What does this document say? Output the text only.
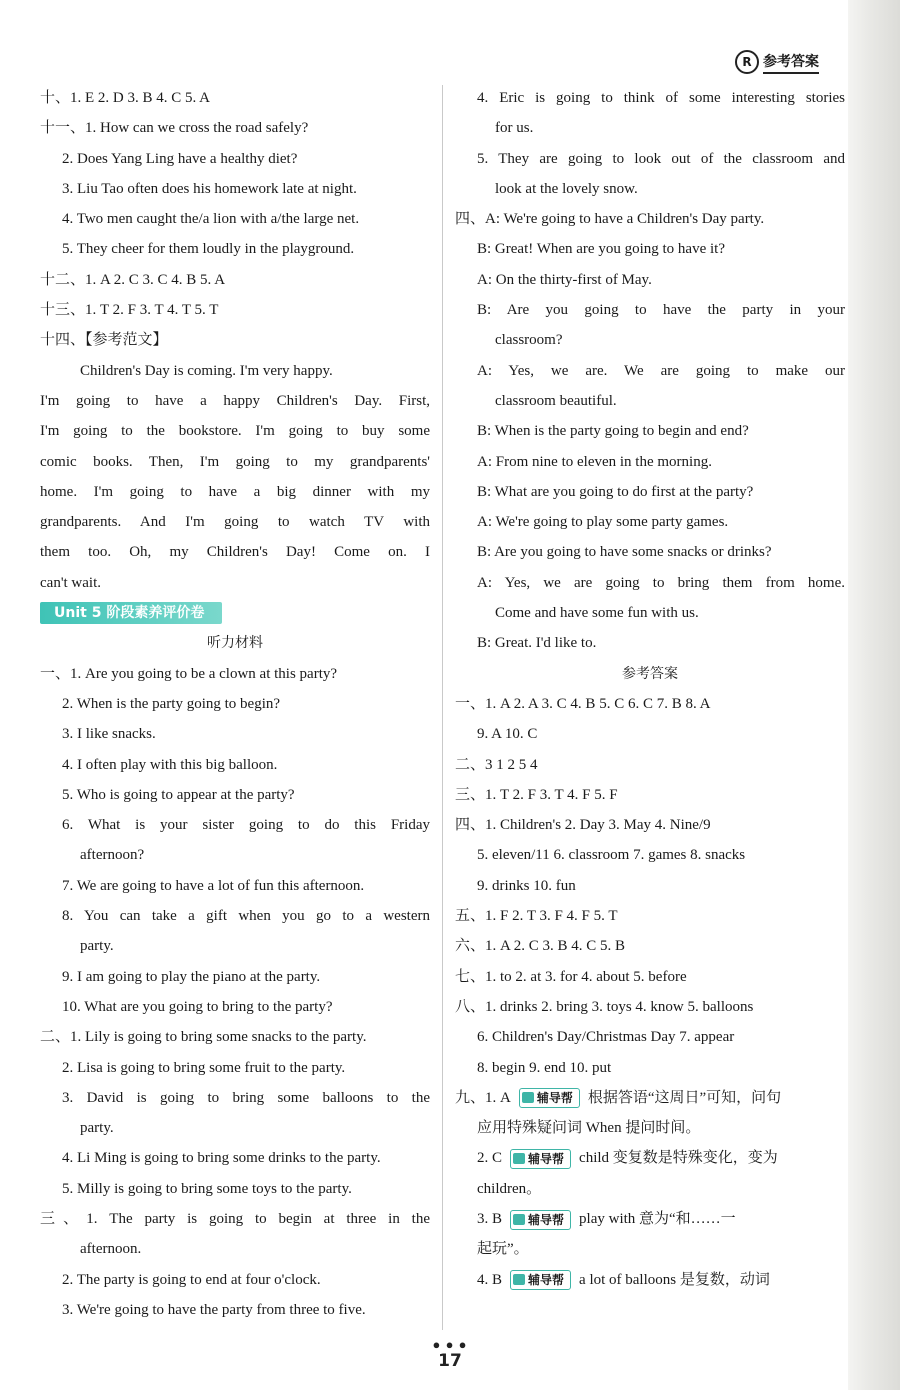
R 参考答案
十、1. E 2. D 3. B 4. C 5. A
十一、1. How can we cross the road safely?
2. Does Yang Ling have a healthy diet?
3. Liu Tao often does his homework late at night.
4. Two men caught the/a lion with a/the large net.
5. They cheer for them loudly in the playground.
十二、1. A 2. C 3. C 4. B 5. A
十三、1. T 2. F 3. T 4. T 5. T
十四、【参考范文】
Children's Day is coming. I'm very happy.
I'm going to have a happy Children's Day. First,
I'm going to the bookstore. I'm going to buy some
comic books. Then, I'm going to my grandparents'
home. I'm going to have a big dinner with my
grandparents. And I'm going to watch TV with
them too. Oh, my Children's Day! Come on. I
can't wait.
Unit 5 阶段素养评价卷
听力材料
一、1. Are you going to be a clown at this party?
2. When is the party going to begin?
3. I like snacks.
4. I often play with this big balloon.
5. Who is going to appear at the party?
6. What is your sister going to do this Friday
afternoon?
7. We are going to have a lot of fun this afternoon.
8. You can take a gift when you go to a western
party.
9. I am going to play the piano at the party.
10. What are you going to bring to the party?
二、1. Lily is going to bring some snacks to the party.
2. Lisa is going to bring some fruit to the party.
3. David is going to bring some balloons to the
party.
4. Li Ming is going to bring some drinks to the party.
5. Milly is going to bring some toys to the party.
三、1. The party is going to begin at three in the
afternoon.
2. The party is going to end at four o'clock.
3. We're going to have the party from three to five.
4. Eric is going to think of some interesting stories
for us.
5. They are going to look out of the classroom and
look at the lovely snow.
四、A: We're going to have a Children's Day party.
B: Great! When are you going to have it?
A: On the thirty-first of May.
B: Are you going to have the party in your
classroom?
A: Yes, we are. We are going to make our
classroom beautiful.
B: When is the party going to begin and end?
A: From nine to eleven in the morning.
B: What are you going to do first at the party?
A: We're going to play some party games.
B: Are you going to have some snacks or drinks?
A: Yes, we are going to bring them from home.
Come and have some fun with us.
B: Great. I'd like to.
参考答案
一、1. A 2. A 3. C 4. B 5. C 6. C 7. B 8. A
9. A 10. C
二、3 1 2 5 4
三、1. T 2. F 3. T 4. F 5. F
四、1. Children's 2. Day 3. May 4. Nine/9
5. eleven/11 6. classroom 7. games 8. snacks
9. drinks 10. fun
五、1. F 2. T 3. F 4. F 5. T
六、1. A 2. C 3. B 4. C 5. B
七、1. to 2. at 3. for 4. about 5. before
八、1. drinks 2. bring 3. toys 4. know 5. balloons
6. Children's Day/Christmas Day 7. appear
8. begin 9. end 10. put
九、1. A 辅导帮 根据答语“这周日”可知，问句
应用特殊疑问词 When 提问时间。
2. C 辅导帮 child 变复数是特殊变化，变为
children。
3. B 辅导帮 play with 意为“和……一
起玩”。
4. B 辅导帮 a lot of balloons 是复数，动词
● ● ●
17
